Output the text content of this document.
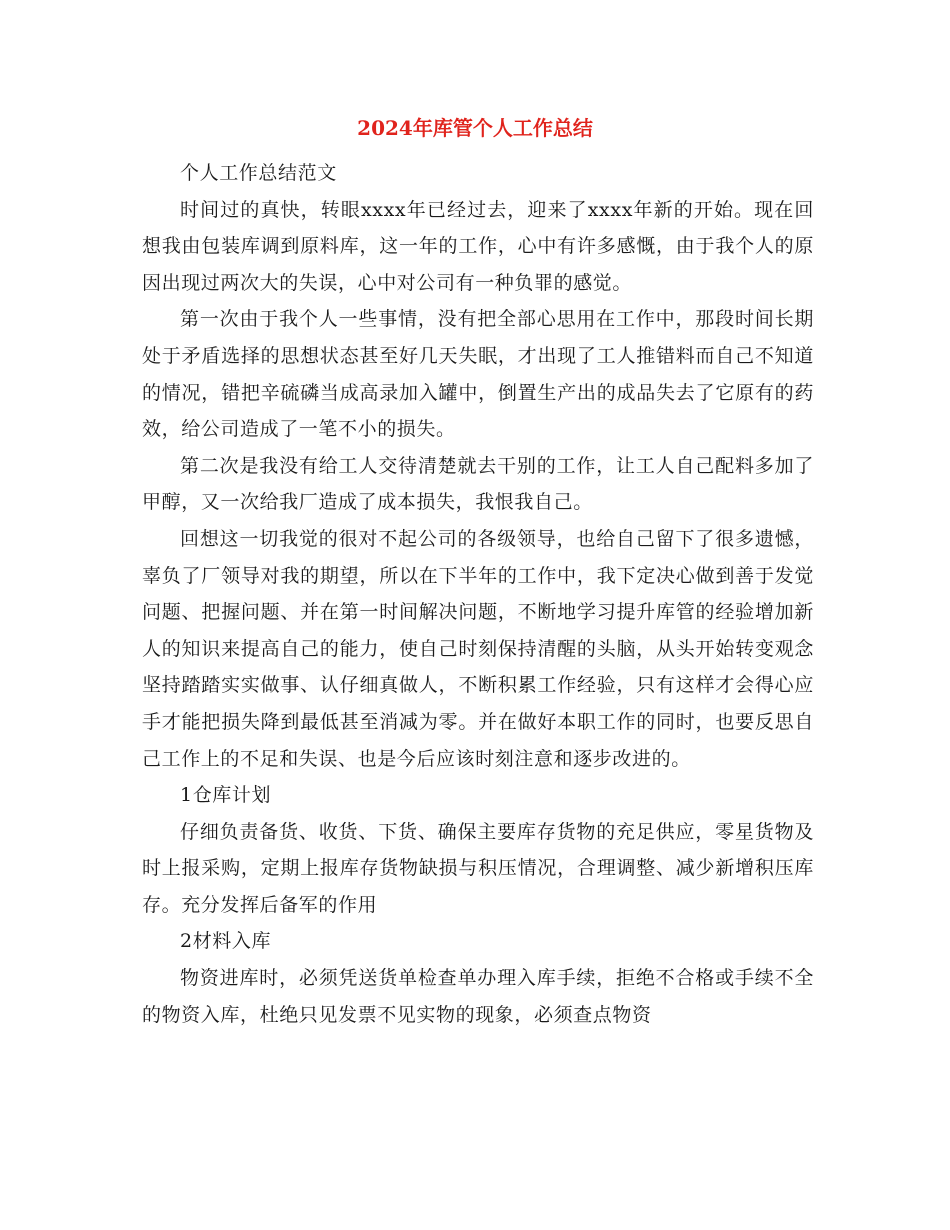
2024年库管个人工作总结

个人工作总结范文

时间过的真快，转眼xxxx年已经过去，迎来了xxxx年新的开始。现在回想我由包装库调到原料库，这一年的工作，心中有许多感慨，由于我个人的原因出现过两次大的失误，心中对公司有一种负罪的感觉。

第一次由于我个人一些事情，没有把全部心思用在工作中，那段时间长期处于矛盾选择的思想状态甚至好几天失眠，才出现了工人推错料而自己不知道的情况，错把辛硫磷当成高录加入罐中，倒置生产出的成品失去了它原有的药效，给公司造成了一笔不小的损失。

第二次是我没有给工人交待清楚就去干别的工作，让工人自己配料多加了甲醇，又一次给我厂造成了成本损失，我恨我自己。

回想这一切我觉的很对不起公司的各级领导，也给自己留下了很多遗憾，辜负了厂领导对我的期望，所以在下半年的工作中，我下定决心做到善于发觉问题、把握问题、并在第一时间解决问题，不断地学习提升库管的经验增加新人的知识来提高自己的能力，使自己时刻保持清醒的头脑，从头开始转变观念坚持踏踏实实做事、认仔细真做人，不断积累工作经验，只有这样才会得心应手才能把损失降到最低甚至消减为零。并在做好本职工作的同时，也要反思自己工作上的不足和失误、也是今后应该时刻注意和逐步改进的。

1仓库计划

仔细负责备货、收货、下货、确保主要库存货物的充足供应，零星货物及时上报采购，定期上报库存货物缺损与积压情况，合理调整、减少新增积压库存。充分发挥后备军的作用

2材料入库

物资进库时，必须凭送货单检查单办理入库手续，拒绝不合格或手续不全的物资入库，杜绝只见发票不见实物的现象，必须查点物资
